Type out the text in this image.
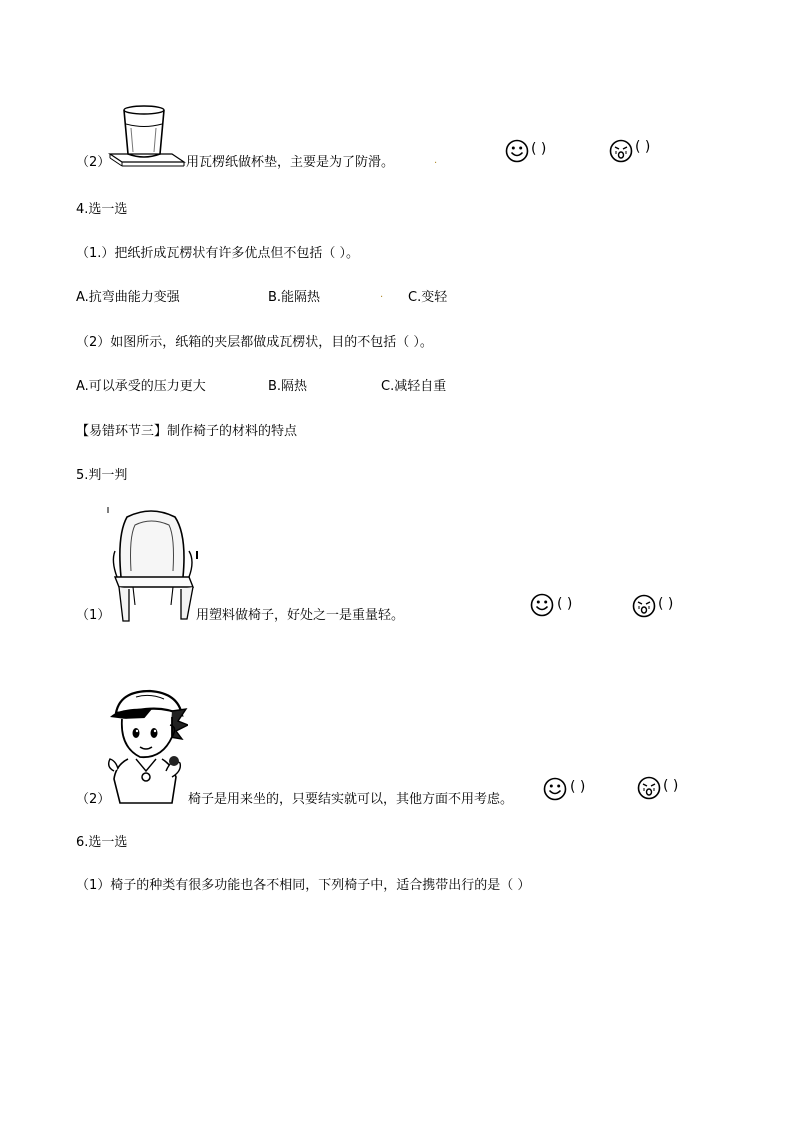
（2）	用瓦楞纸做杯垫，主要是为了防滑。	·
( )	( )
4.选一选
（1.）把纸折成瓦楞状有许多优点但不包括（ ）。
A.抗弯曲能力变强	B.能隔热	· C.变轻
（2）如图所示，纸箱的夹层都做成瓦楞状，目的不包括（ ）。
A.可以承受的压力更大	B.隔热	C.减轻自重
【易错环节三】制作椅子的材料的特点
5.判一判
（1）	用塑料做椅子，好处之一是重量轻。
( )	( )
（2）	椅子是用来坐的，只要结实就可以，其他方面不用考虑。
( )	( )
6.选一选
（1）椅子的种类有很多功能也各不相同，下列椅子中，适合携带出行的是（ ）
